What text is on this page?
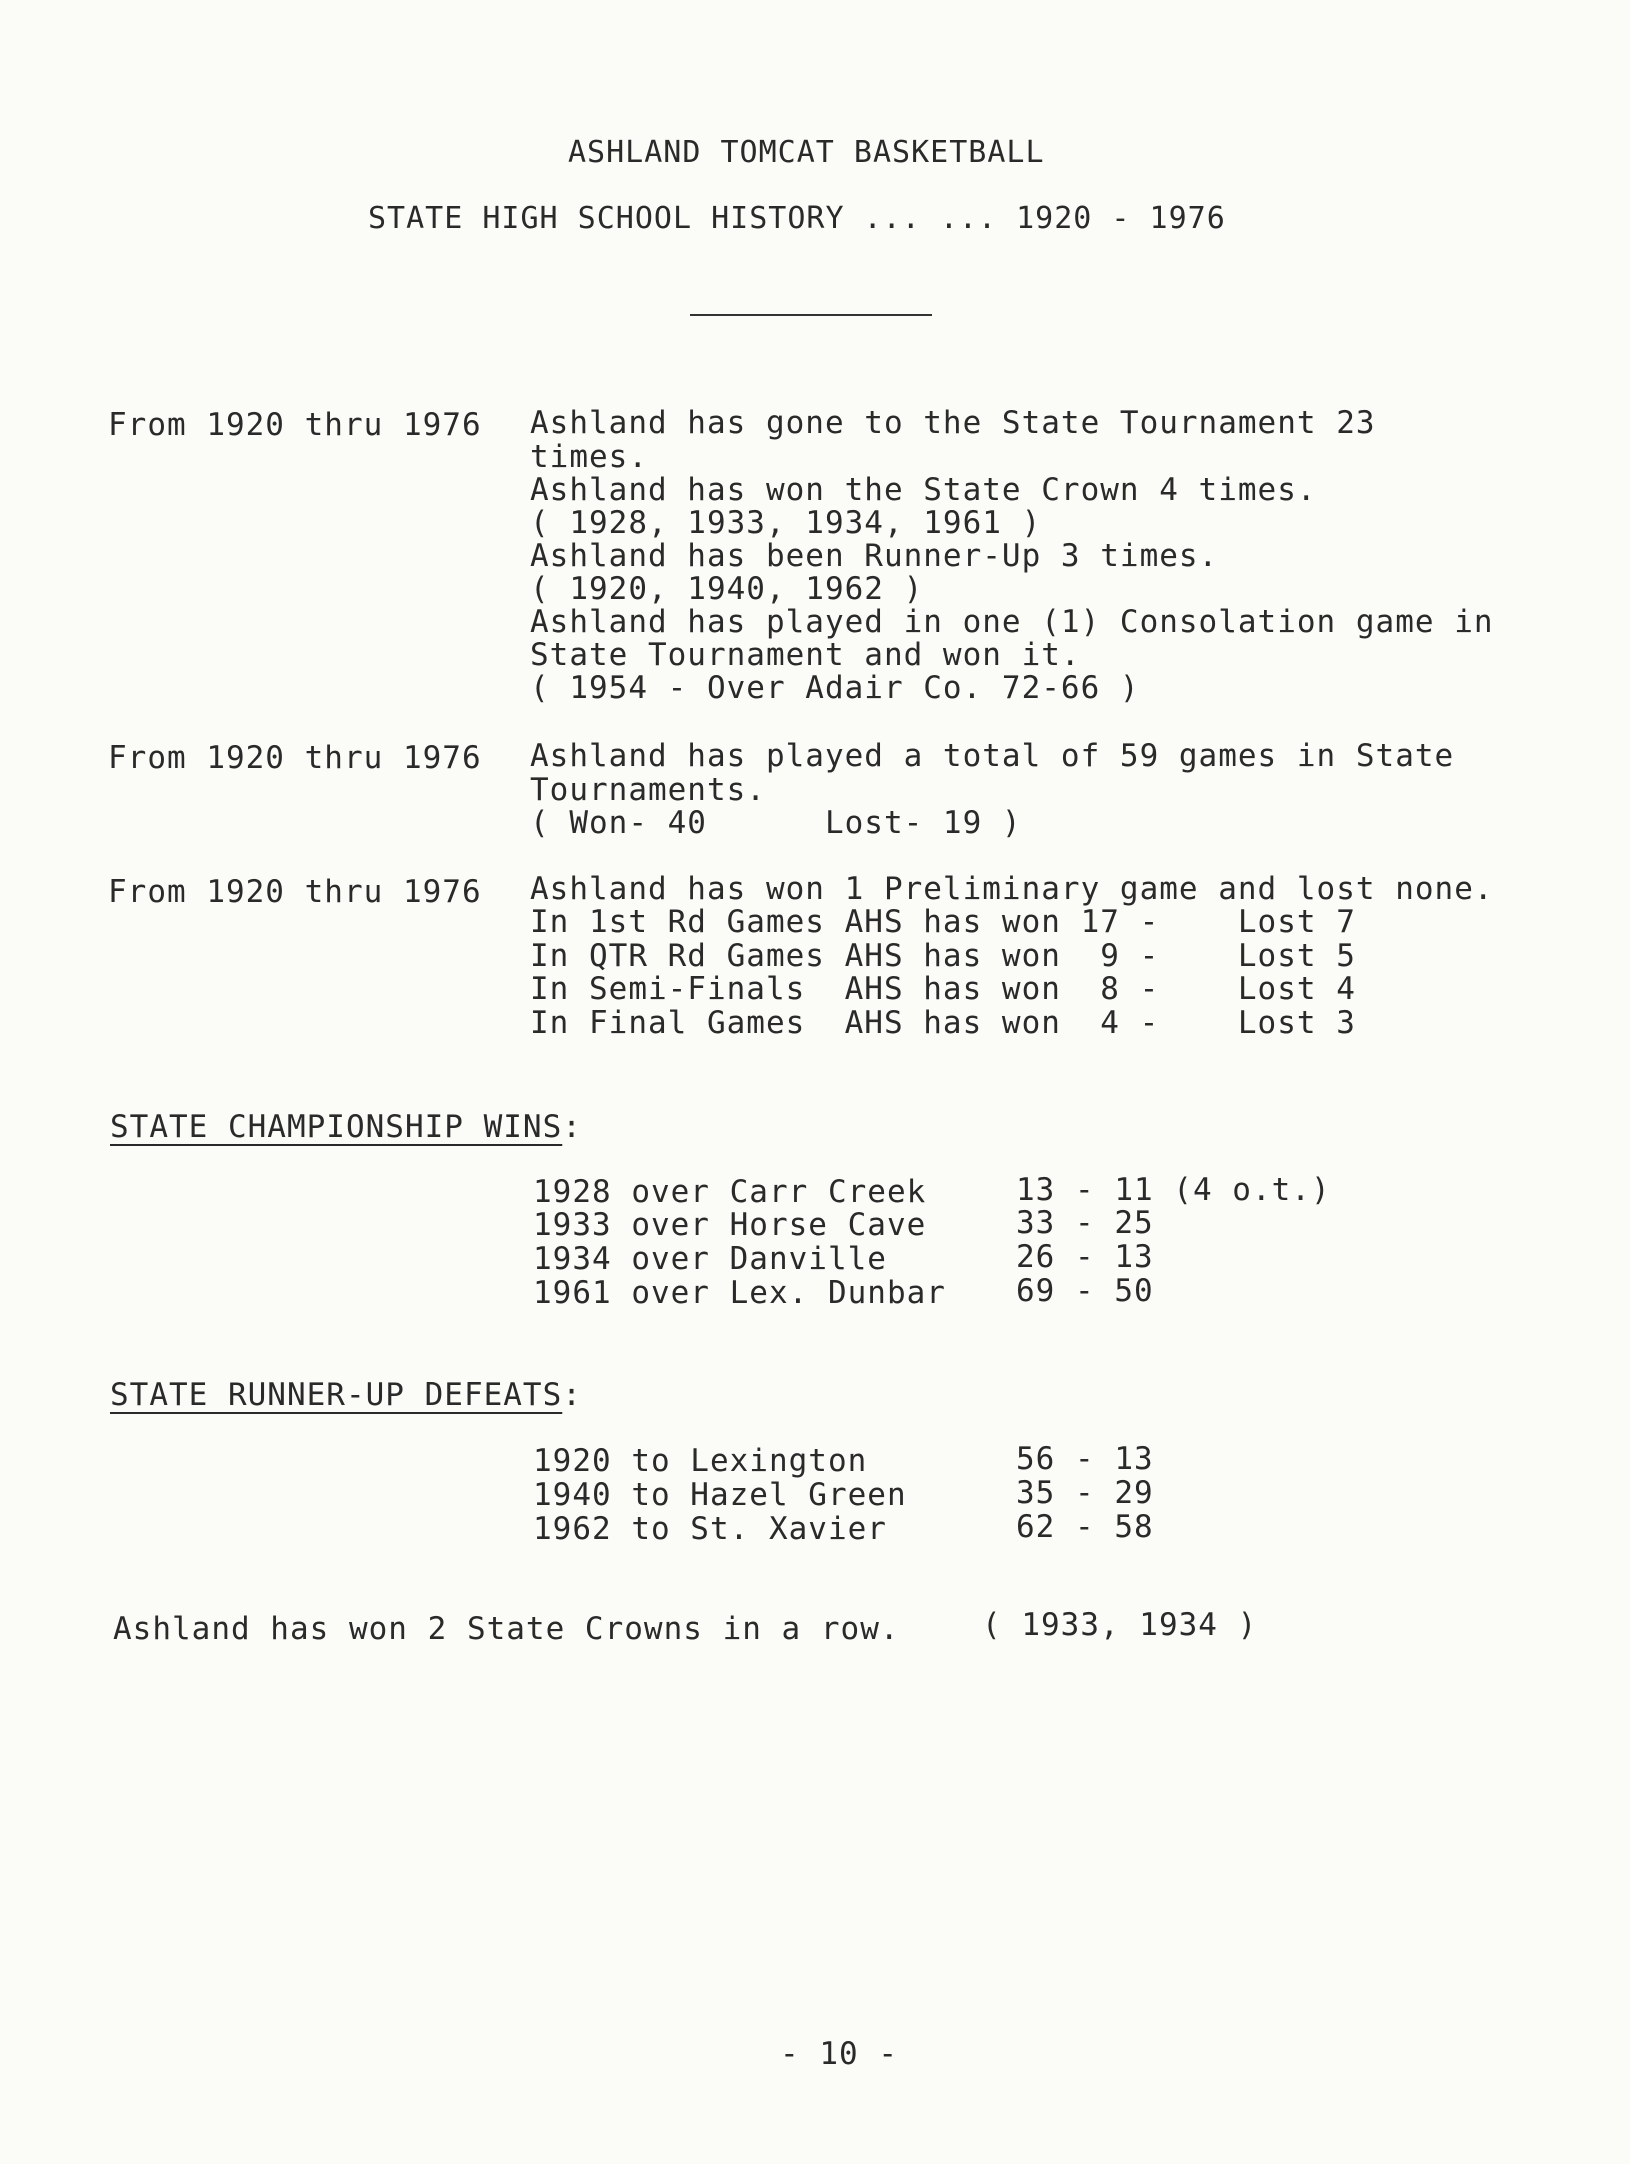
ASHLAND TOMCAT BASKETBALL
STATE HIGH SCHOOL HISTORY ... ... 1920 - 1976
From 1920 thru 1976 Ashland has gone to the State Tournament 23
times.
Ashland has won the State Crown 4 times.
( 1928, 1933, 1934, 1961 )
Ashland has been Runner-Up 3 times.
( 1920, 1940, 1962 )
Ashland has played in one (1) Consolation game in
State Tournament and won it.
( 1954 - Over Adair Co. 72-66 )
From 1920 thru 1976 Ashland has played a total of 59 games in State
Tournaments.
( Won- 40      Lost- 19 )
From 1920 thru 1976 Ashland has won 1 Preliminary game and lost none.
In 1st Rd Games AHS has won 17 -    Lost 7
In QTR Rd Games AHS has won  9 -    Lost 5
In Semi-Finals  AHS has won  8 -    Lost 4
In Final Games  AHS has won  4 -    Lost 3
STATE CHAMPIONSHIP WINS:
1928 over Carr Creek	13 - 11 (4 o.t.)
1933 over Horse Cave	33 - 25
1934 over Danville	26 - 13
1961 over Lex. Dunbar 69 - 50
STATE RUNNER-UP DEFEATS:
1920 to Lexington	56 - 13
1940 to Hazel Green	35 - 29
1962 to St. Xavier	62 - 58
Ashland has won 2 State Crowns in a row.	( 1933, 1934 )
- 10 -
